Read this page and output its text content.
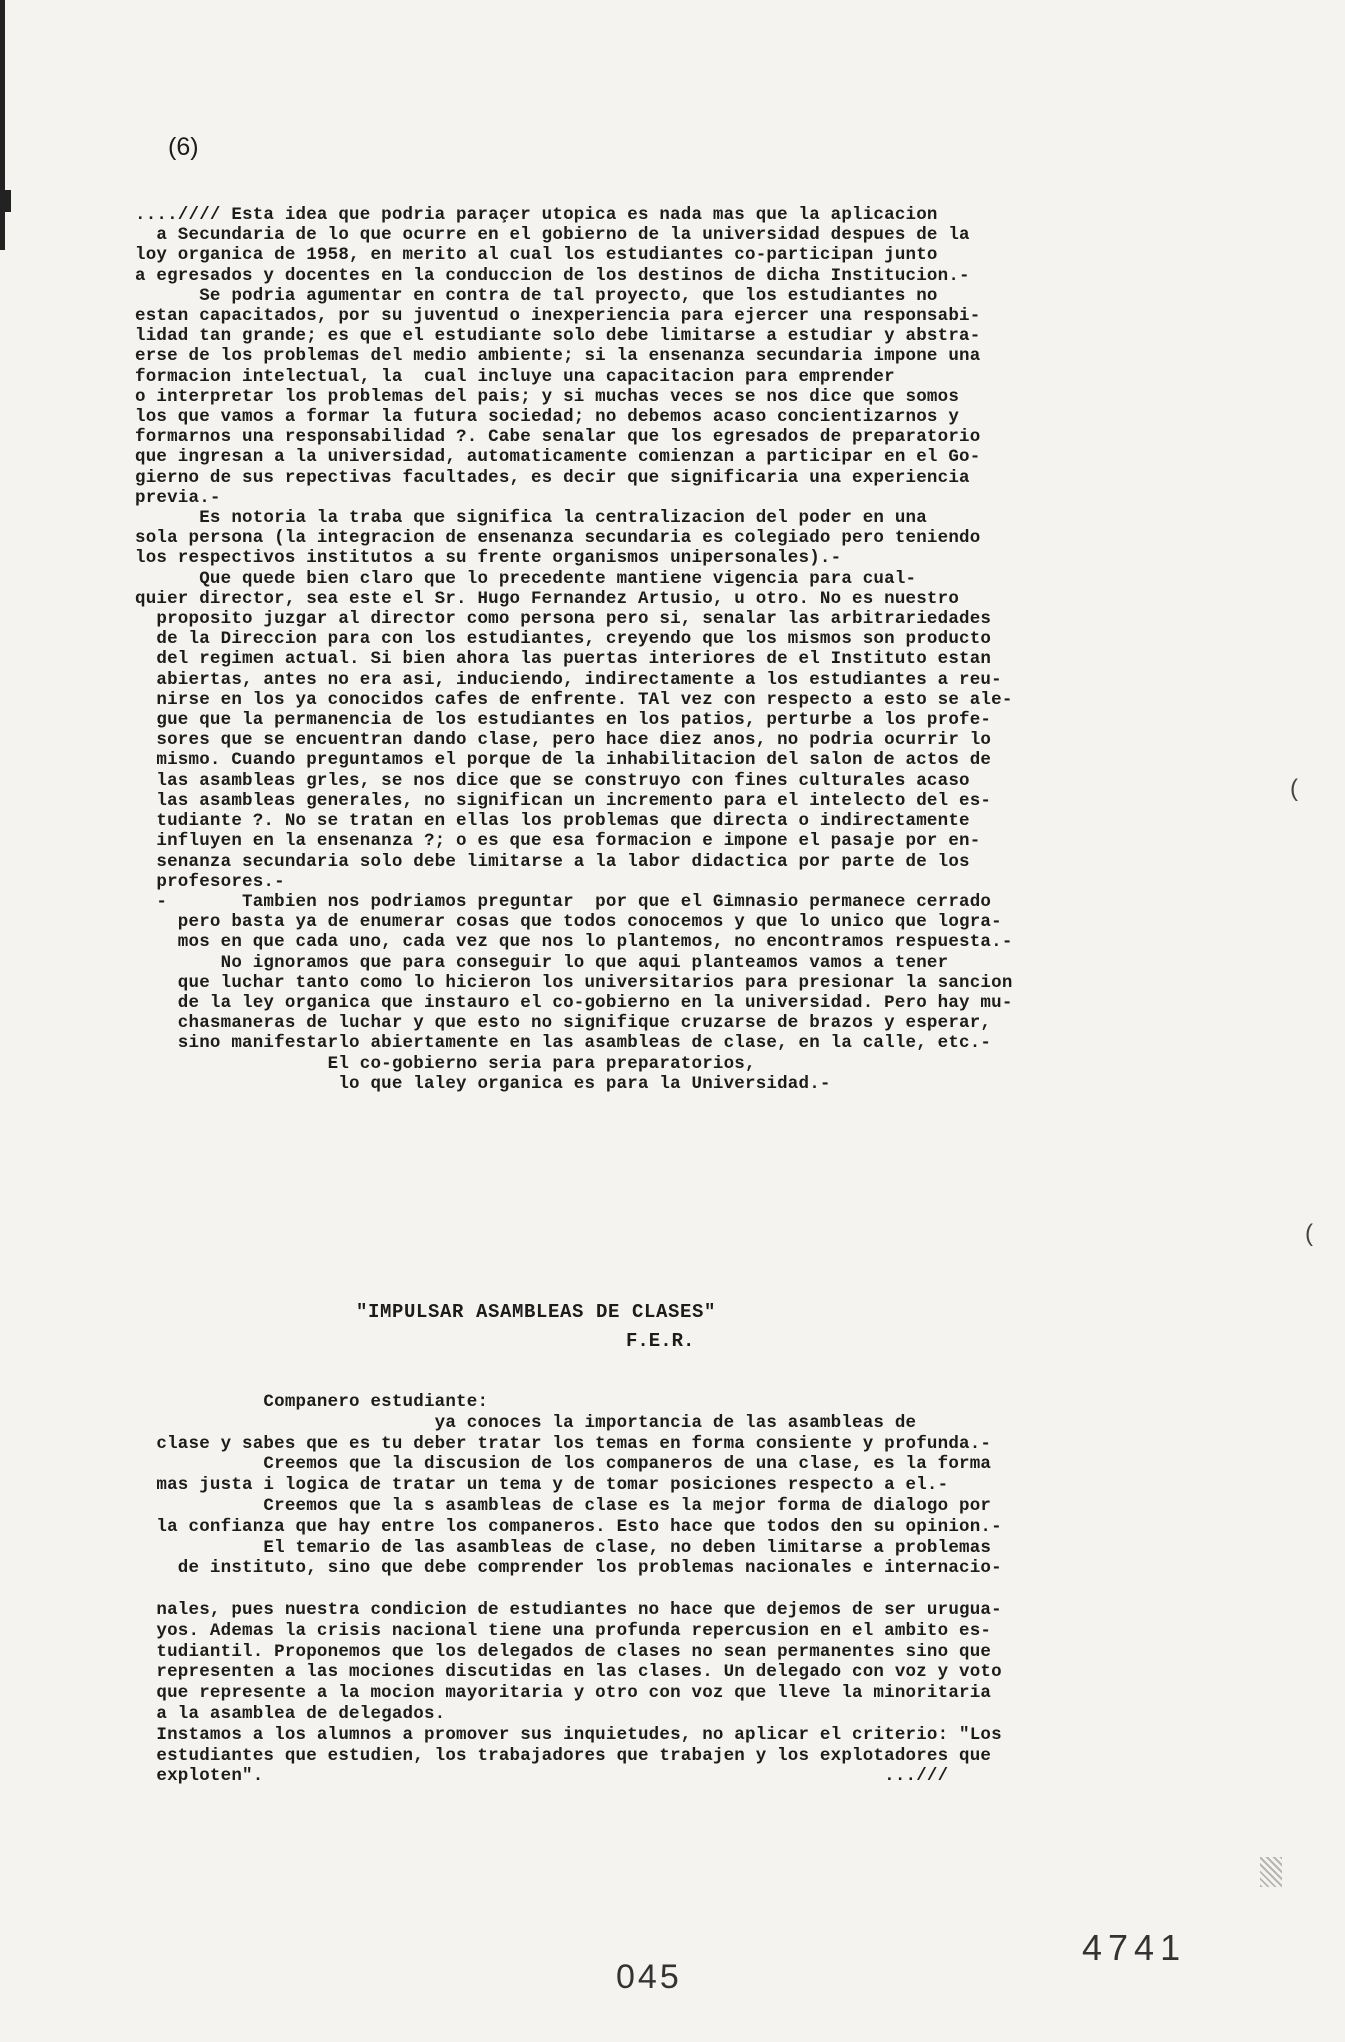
(6)
....//// Esta idea que podria paraçer utopica es nada mas que la aplicacion
a Secundaria de lo que ocurre en el gobierno de la universidad despues de la
loy organica de 1958, en merito al cual los estudiantes co-participan junto
a egresados y docentes en la conduccion de los destinos de dicha Institucion.-
Se podria agumentar en contra de tal proyecto, que los estudiantes no
estan capacitados, por su juventud o inexperiencia para ejercer una responsabi-
lidad tan grande; es que el estudiante solo debe limitarse a estudiar y abstra-
erse de los problemas del medio ambiente; si la ensenanza secundaria impone una
formacion intelectual, la  cual incluye una capacitacion para emprender
o interpretar los problemas del pais; y si muchas veces se nos dice que somos
los que vamos a formar la futura sociedad; no debemos acaso concientizarnos y
formarnos una responsabilidad ?. Cabe senalar que los egresados de preparatorio
que ingresan a la universidad, automaticamente comienzan a participar en el Go-
gierno de sus repectivas facultades, es decir que significaria una experiencia
previa.-
Es notoria la traba que significa la centralizacion del poder en una
sola persona (la integracion de ensenanza secundaria es colegiado pero teniendo
los respectivos institutos a su frente organismos unipersonales).-
Que quede bien claro que lo precedente mantiene vigencia para cual-
quier director, sea este el Sr. Hugo Fernandez Artusio, u otro. No es nuestro
proposito juzgar al director como persona pero si, senalar las arbitrariedades
de la Direccion para con los estudiantes, creyendo que los mismos son producto
del regimen actual. Si bien ahora las puertas interiores de el Instituto estan
abiertas, antes no era asi, induciendo, indirectamente a los estudiantes a reu-
nirse en los ya conocidos cafes de enfrente. TAl vez con respecto a esto se ale-
gue que la permanencia de los estudiantes en los patios, perturbe a los profe-
sores que se encuentran dando clase, pero hace diez anos, no podria ocurrir lo
mismo. Cuando preguntamos el porque de la inhabilitacion del salon de actos de
las asambleas grles, se nos dice que se construyo con fines culturales acaso
las asambleas generales, no significan un incremento para el intelecto del es-
tudiante ?. No se tratan en ellas los problemas que directa o indirectamente
influyen en la ensenanza ?; o es que esa formacion e impone el pasaje por en-
senanza secundaria solo debe limitarse a la labor didactica por parte de los
profesores.-
-       Tambien nos podriamos preguntar  por que el Gimnasio permanece cerrado
pero basta ya de enumerar cosas que todos conocemos y que lo unico que logra-
mos en que cada uno, cada vez que nos lo plantemos, no encontramos respuesta.-
No ignoramos que para conseguir lo que aqui planteamos vamos a tener
que luchar tanto como lo hicieron los universitarios para presionar la sancion
de la ley organica que instauro el co-gobierno en la universidad. Pero hay mu-
chasmaneras de luchar y que esto no signifique cruzarse de brazos y esperar,
sino manifestarlo abiertamente en las asambleas de clase, en la calle, etc.-
El co-gobierno seria para preparatorios,
lo que laley organica es para la Universidad.-
"IMPULSAR ASAMBLEAS DE CLASES"
F.E.R.
Companero estudiante:
ya conoces la importancia de las asambleas de
clase y sabes que es tu deber tratar los temas en forma consiente y profunda.-
Creemos que la discusion de los companeros de una clase, es la forma
mas justa i logica de tratar un tema y de tomar posiciones respecto a el.-
Creemos que la s asambleas de clase es la mejor forma de dialogo por
la confianza que hay entre los companeros. Esto hace que todos den su opinion.-
El temario de las asambleas de clase, no deben limitarse a problemas
de instituto, sino que debe comprender los problemas nacionales e internacio-

nales, pues nuestra condicion de estudiantes no hace que dejemos de ser urugua-
yos. Ademas la crisis nacional tiene una profunda repercusion en el ambito es-
tudiantil. Proponemos que los delegados de clases no sean permanentes sino que
representen a las mociones discutidas en las clases. Un delegado con voz y voto
que represente a la mocion mayoritaria y otro con voz que lleve la minoritaria
a la asamblea de delegados.
Instamos a los alumnos a promover sus inquietudes, no aplicar el criterio: "Los
estudiantes que estudien, los trabajadores que trabajen y los explotadores que
exploten".                                                          ...///
045
4741
(
(
